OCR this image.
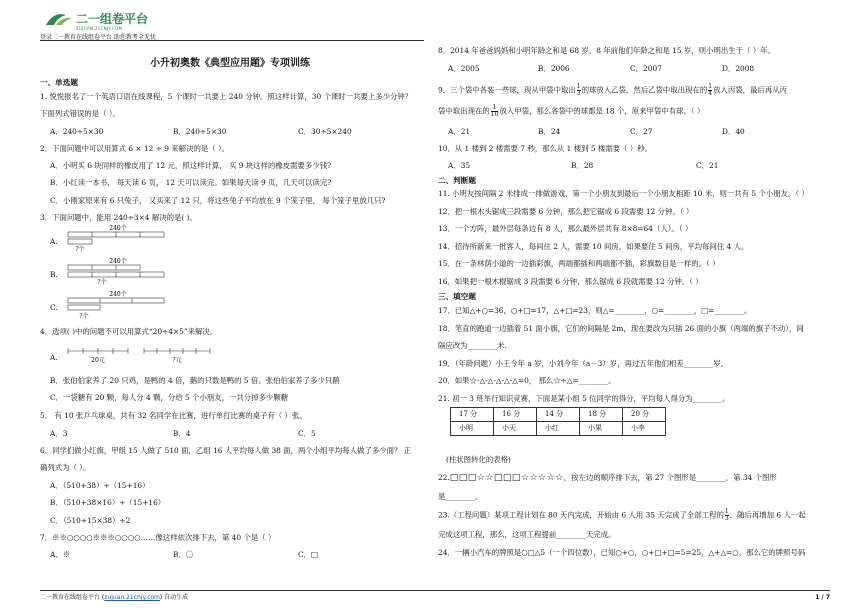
二一组卷平台
ZUJUAN.21CNJY.COM
登录二一教育在线组卷平台 助您教考全无忧
小升初奥数《典型应用题》专项训练
一、单选题
1. 悦悦报名了一个英语口语在线课程，5 个课时一共要上 240 分钟。照这样计算，30 个课时一共要上多少分钟？
下面列式错误的是（ ）。
A．240÷5×30	B．240÷5×30	C．30÷5×240
2．下面问题中可以用算式 6 × 12 ÷ 9 来解决的是（ ）。
A．小明买 6 块同样的橡皮用了 12 元，照这样计算， 买 9 块这样的橡皮需要多少钱?
B．小红读一本书， 每天读 6 页， 12 天可以读完。如果每天读 9 页，几天可以读完?
C．小刚家原来有 6 只兔子， 又买来了 12 只，将这些兔子平均放在 9 个笼子里， 每个笼子里放几只?
3．下面问题中，能用 240÷3×4 解决的是( )。
A.
240个
?个
B.
240个
?个
C.
240个
?个
4．选项( )中的问题不可以用算式“20÷4×5”来解决。
A.	20元	?元
B．张伯伯家养了 20 只鸡，是鸭的 4 倍，鹅的只数是鸭的 5 倍。张伯伯家养了多少只鹅
C．一袋糖有 20 颗，每人分 4 颗，分给 5 个小朋友，一共分掉多少颗糖
5． 有 10 张乒乓球桌，共有 32 名同学在比赛，进行单打比赛的桌子有（ ）张。
A．3	B．4	C．5
6．同学们做小红旗，甲组 15 人做了 510 面，乙组 16 人平均每人做 38 面，两个小组平均每人做了多少面？ 正
确列式为（ ）。
A．（510+38）÷（15+16）
B．（510+38×16）÷（15+16）
C．（510+15×38）÷2
7．※※○○○○※※※○○○○……像这样依次排下去，第 40 个是（ ）
A．※	B．〇	C．□
8．2014 年爸爸妈妈和小明年龄之和是 68 岁，8 年前他们年龄之和是 15 岁，则小明出生于（ ）年。
A．2005	B．2006	C．2007	D．2008
9．三个袋中各装一些球，现从甲袋中取出 $\frac{1}{3}$ 的球放入乙袋，然后乙袋中取出现在的 $\frac{1}{4}$ 放入丙袋，最后再从丙
袋中取出现在的 $\frac{1}{10}$ 放入甲袋，那么各袋中的球都是 18 个，原来甲袋中有球。（ ）
A．21	B．24	C．27	D．40
10．从 1 楼到 2 楼需要 7 秒，那么从 1 楼到 5 楼需要（ ）秒。
A．35	B．28	C．21
二、判断题
11. 小明友按间隔 2 米排成一排做游戏，第一个小朋友到最后一个小朋友相距 10 米，则一共有 5 个小朋友。（ ）
12．把一根木头锯成三段需要 6 分钟，那么把它锯成 6 段需要 12 分钟。（ ）
13．一个方阵，最外层每条边有 8 人，那么最外层共有 8×8=64（人）。（ ）
14．招待所新来一批客人，每间住 2 人，需要 10 间房。如果要住 5 间房，平均每间住 4 人。
15．在一条林荫小道的一边插彩旗，两端都插和两端都不插，彩旗数目是一样的。（ ）
16．如果把一根木棍锯成 3 段需要 6 分钟，那么锯成 6 段就需要 12 分钟。（ ）
三、填空题
17．已知△+○=36，○+□=17，△+□=23，则△=________，○=________，□=________。
18．笔直的跑道一边插着 51 面小旗，它们的间隔是 2m，现在要改为只插 26 面的小旗（两端的旗子不动），间
隔应改为________米.
19．（年龄问题）小王今年 a 岁，小刘今年（a－3）岁，再过五年他们相差________岁。
20．如果☆-△-△-△-△-△=0， 那么☆÷△=________。
21. 初一 3 班举行知识竞赛，下面是某小组 5 位同学的得分，平均每人得分为________。
17 分	16 分	14 分	18 分	20 分
小明	小天	小红	小果	小李
(柱状图转化的表格)
22.□□□☆☆□□□☆☆☆☆☆，按左边的顺序排下去，第 27 个图形是________，第 34 个图形
是________。
23.（工程问题）某项工程计划在 80 天内完成，开始由 6 人用 35 天完成了全部工程的 $\frac{1}{3}$ ，随后再增加 6 人一起
完成这项工程，那么，这项工程提前________天完成。
24．一辆小汽车的牌照是○□△5（一个四位数），已知○+○，○+□+□=5=25，△+△=○，那么它的牌照号码
二一教育在线组卷平台 (zujuan.21cnjy.com) 自动生成	1 / 7
